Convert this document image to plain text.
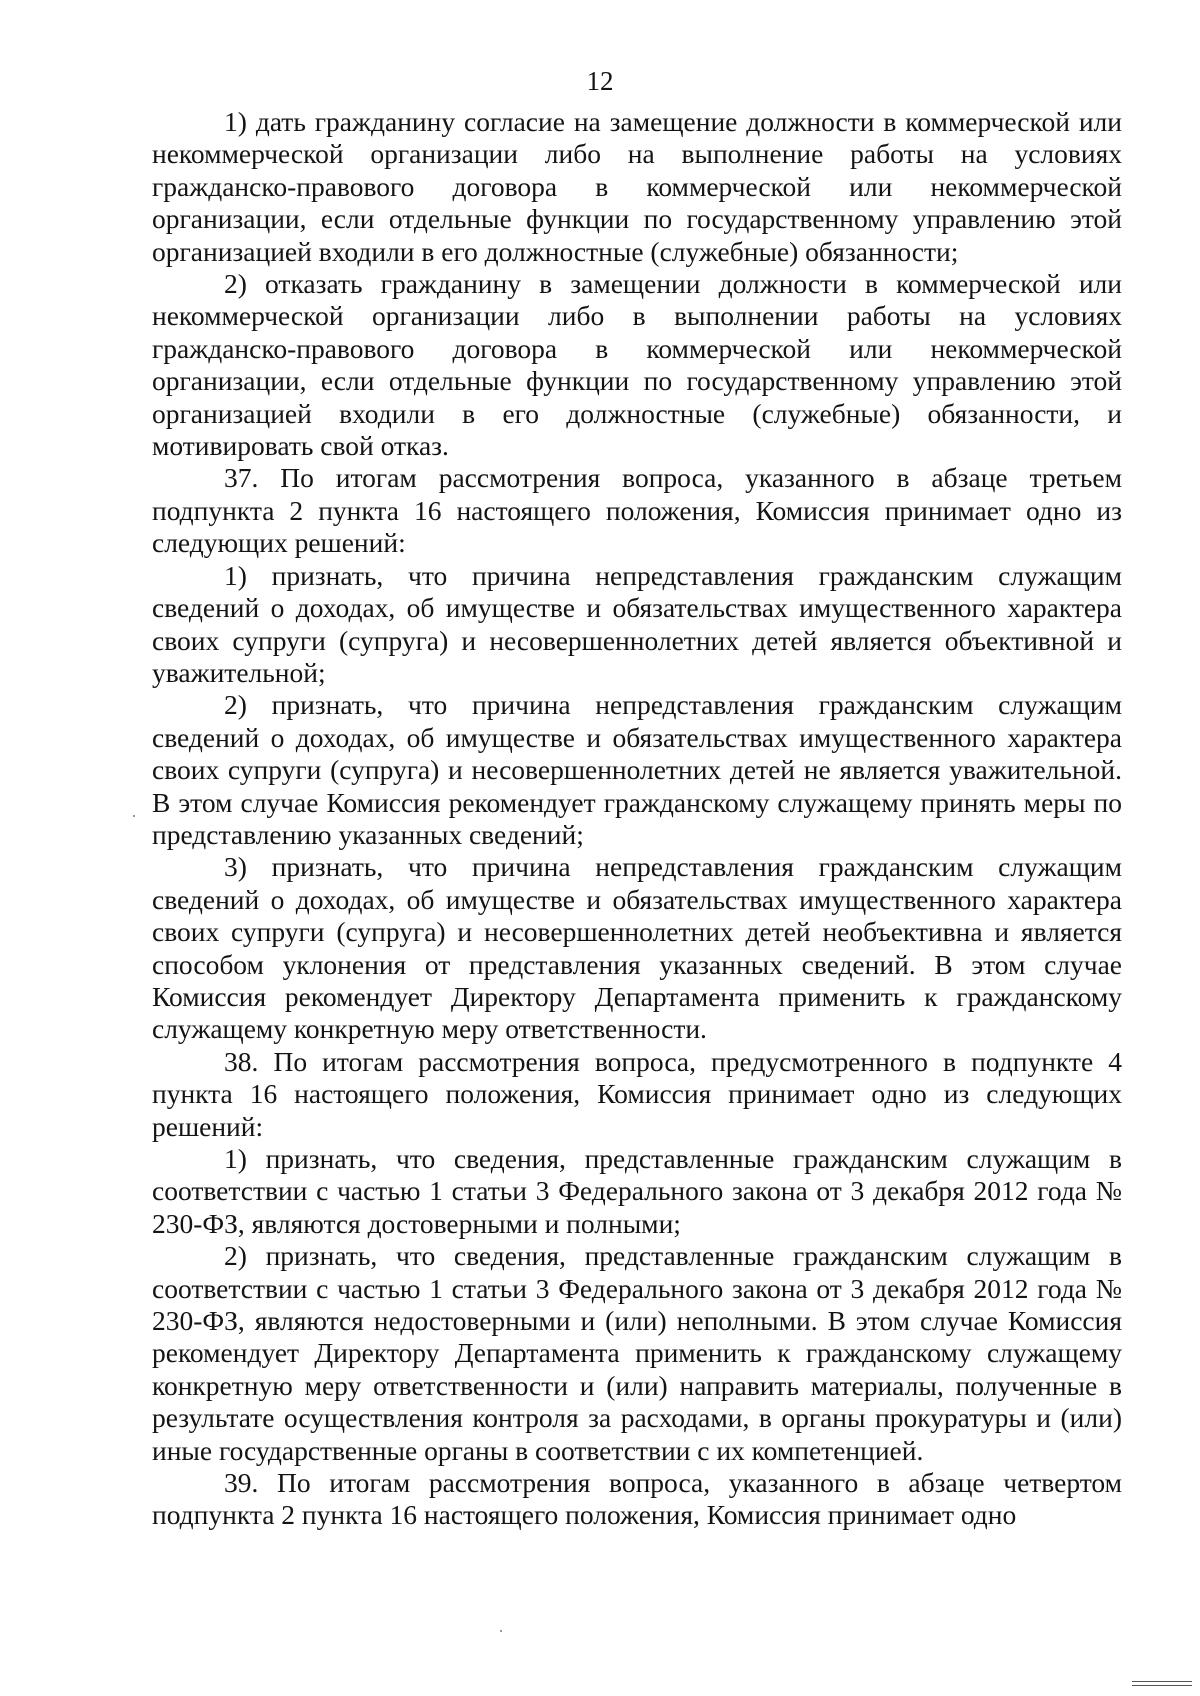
12

1) дать гражданину согласие на замещение должности в коммерческой или некоммерческой организации либо на выполнение работы на условиях гражданско-правового договора в коммерческой или некоммерческой организации, если отдельные функции по государственному управлению этой организацией входили в его должностные (служебные) обязанности;

2) отказать гражданину в замещении должности в коммерческой или некоммерческой организации либо в выполнении работы на условиях гражданско-правового договора в коммерческой или некоммерческой организации, если отдельные функции по государственному управлению этой организацией входили в его должностные (служебные) обязанности, и мотивировать свой отказ.

37. По итогам рассмотрения вопроса, указанного в абзаце третьем подпункта 2 пункта 16 настоящего положения, Комиссия принимает одно из следующих решений:

1) признать, что причина непредставления гражданским служащим сведений о доходах, об имуществе и обязательствах имущественного характера своих супруги (супруга) и несовершеннолетних детей является объективной и уважительной;

2) признать, что причина непредставления гражданским служащим сведений о доходах, об имуществе и обязательствах имущественного характера своих супруги (супруга) и несовершеннолетних детей не является уважительной. В этом случае Комиссия рекомендует гражданскому служащему принять меры по представлению указанных сведений;

3) признать, что причина непредставления гражданским служащим сведений о доходах, об имуществе и обязательствах имущественного характера своих супруги (супруга) и несовершеннолетних детей необъективна и является способом уклонения от представления указанных сведений. В этом случае Комиссия рекомендует Директору Департамента применить к гражданскому служащему конкретную меру ответственности.

38. По итогам рассмотрения вопроса, предусмотренного в подпункте 4 пункта 16 настоящего положения, Комиссия принимает одно из следующих решений:

1) признать, что сведения, представленные гражданским служащим в соответствии с частью 1 статьи 3 Федерального закона от 3 декабря 2012 года № 230-ФЗ, являются достоверными и полными;

2) признать, что сведения, представленные гражданским служащим в соответствии с частью 1 статьи 3 Федерального закона от 3 декабря 2012 года № 230-ФЗ, являются недостоверными и (или) неполными. В этом случае Комиссия рекомендует Директору Департамента применить к гражданскому служащему конкретную меру ответственности и (или) направить материалы, полученные в результате осуществления контроля за расходами, в органы прокуратуры и (или) иные государственные органы в соответствии с их компетенцией.

39. По итогам рассмотрения вопроса, указанного в абзаце четвертом подпункта 2 пункта 16 настоящего положения, Комиссия принимает одно
